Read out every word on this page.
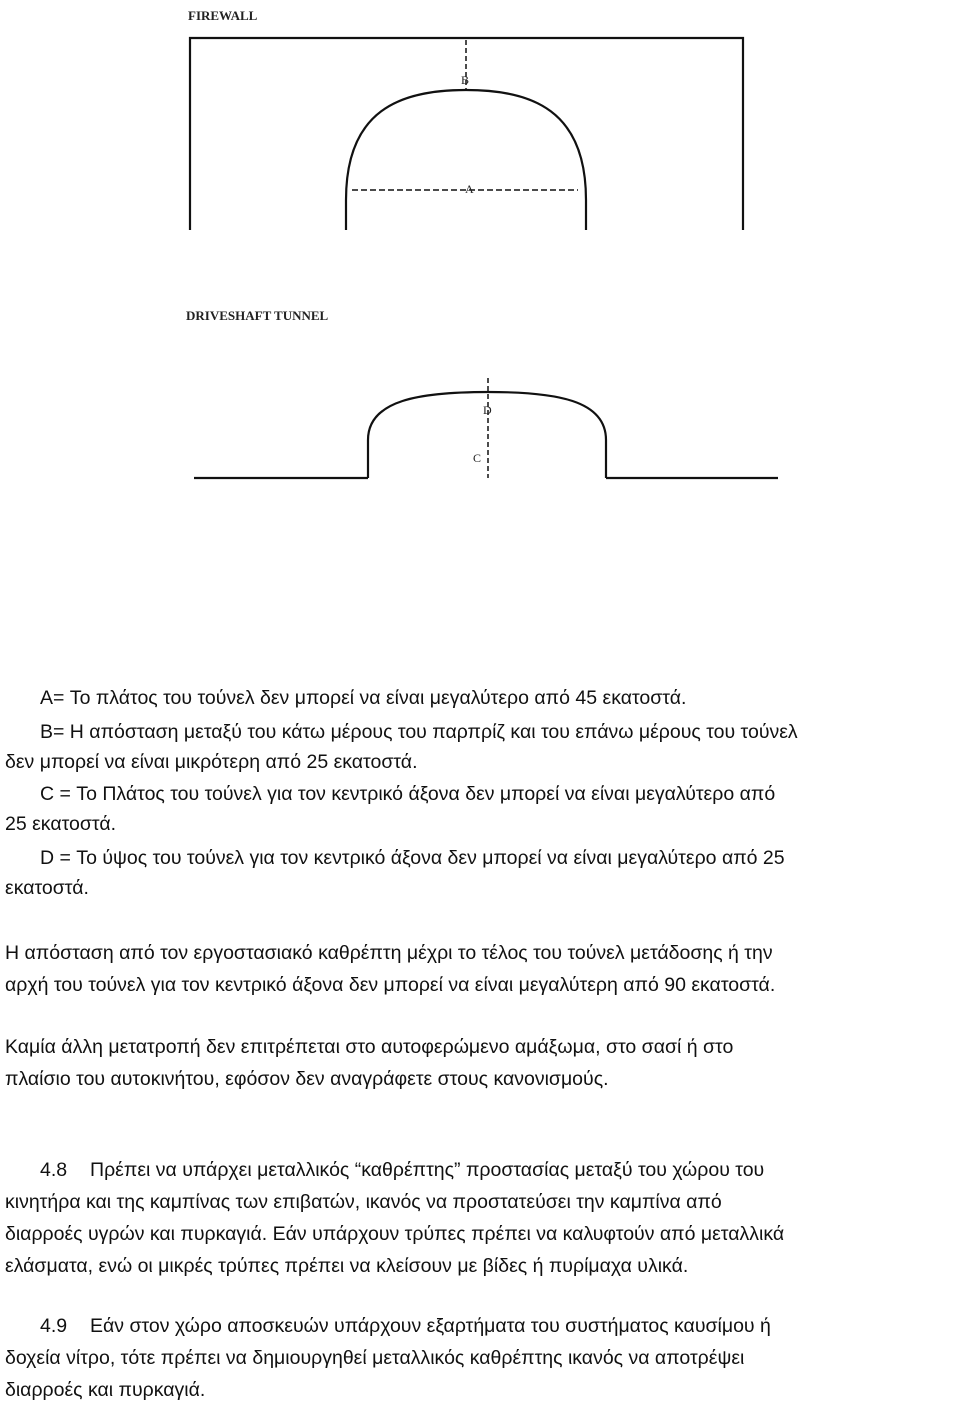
FIREWALL
B
A
DRIVESHAFT TUNNEL
D
C
A= Το πλάτος του τούνελ δεν μπορεί να είναι μεγαλύτερο από 45 εκατοστά.
B= Η απόσταση μεταξύ του κάτω μέρους του παρπρίζ και του επάνω μέρους του τούνελ
δεν μπορεί να είναι μικρότερη από 25 εκατοστά.
C = Το Πλάτος του τούνελ για τον κεντρικό άξονα δεν μπορεί να είναι μεγαλύτερο από
25 εκατοστά.
D = Το ύψος του τούνελ για τον κεντρικό άξονα δεν μπορεί να είναι μεγαλύτερο από 25
εκατοστά.
Η απόσταση από τον εργοστασιακό καθρέπτη μέχρι το τέλος του τούνελ μετάδοσης ή την
αρχή του τούνελ για τον κεντρικό άξονα δεν μπορεί να είναι μεγαλύτερη από 90 εκατοστά.
Καμία άλλη μετατροπή δεν επιτρέπεται στο αυτοφερώμενο αμάξωμα, στο σασί ή στο
πλαίσιο του αυτοκινήτου, εφόσον δεν αναγράφετε στους κανονισμούς.
4.8 Πρέπει να υπάρχει μεταλλικός “καθρέπτης” προστασίας μεταξύ του χώρου του
κινητήρα και της καμπίνας των επιβατών, ικανός να προστατεύσει την καμπίνα από
διαρροές υγρών και πυρκαγιά. Εάν υπάρχουν τρύπες πρέπει να καλυφτούν από μεταλλικά
ελάσματα, ενώ οι μικρές τρύπες πρέπει να κλείσουν με βίδες ή πυρίμαχα υλικά.
4.9 Εάν στον χώρο αποσκευών υπάρχουν εξαρτήματα του συστήματος καυσίμου ή
δοχεία νίτρο, τότε πρέπει να δημιουργηθεί μεταλλικός καθρέπτης ικανός να αποτρέψει
διαρροές και πυρκαγιά.
